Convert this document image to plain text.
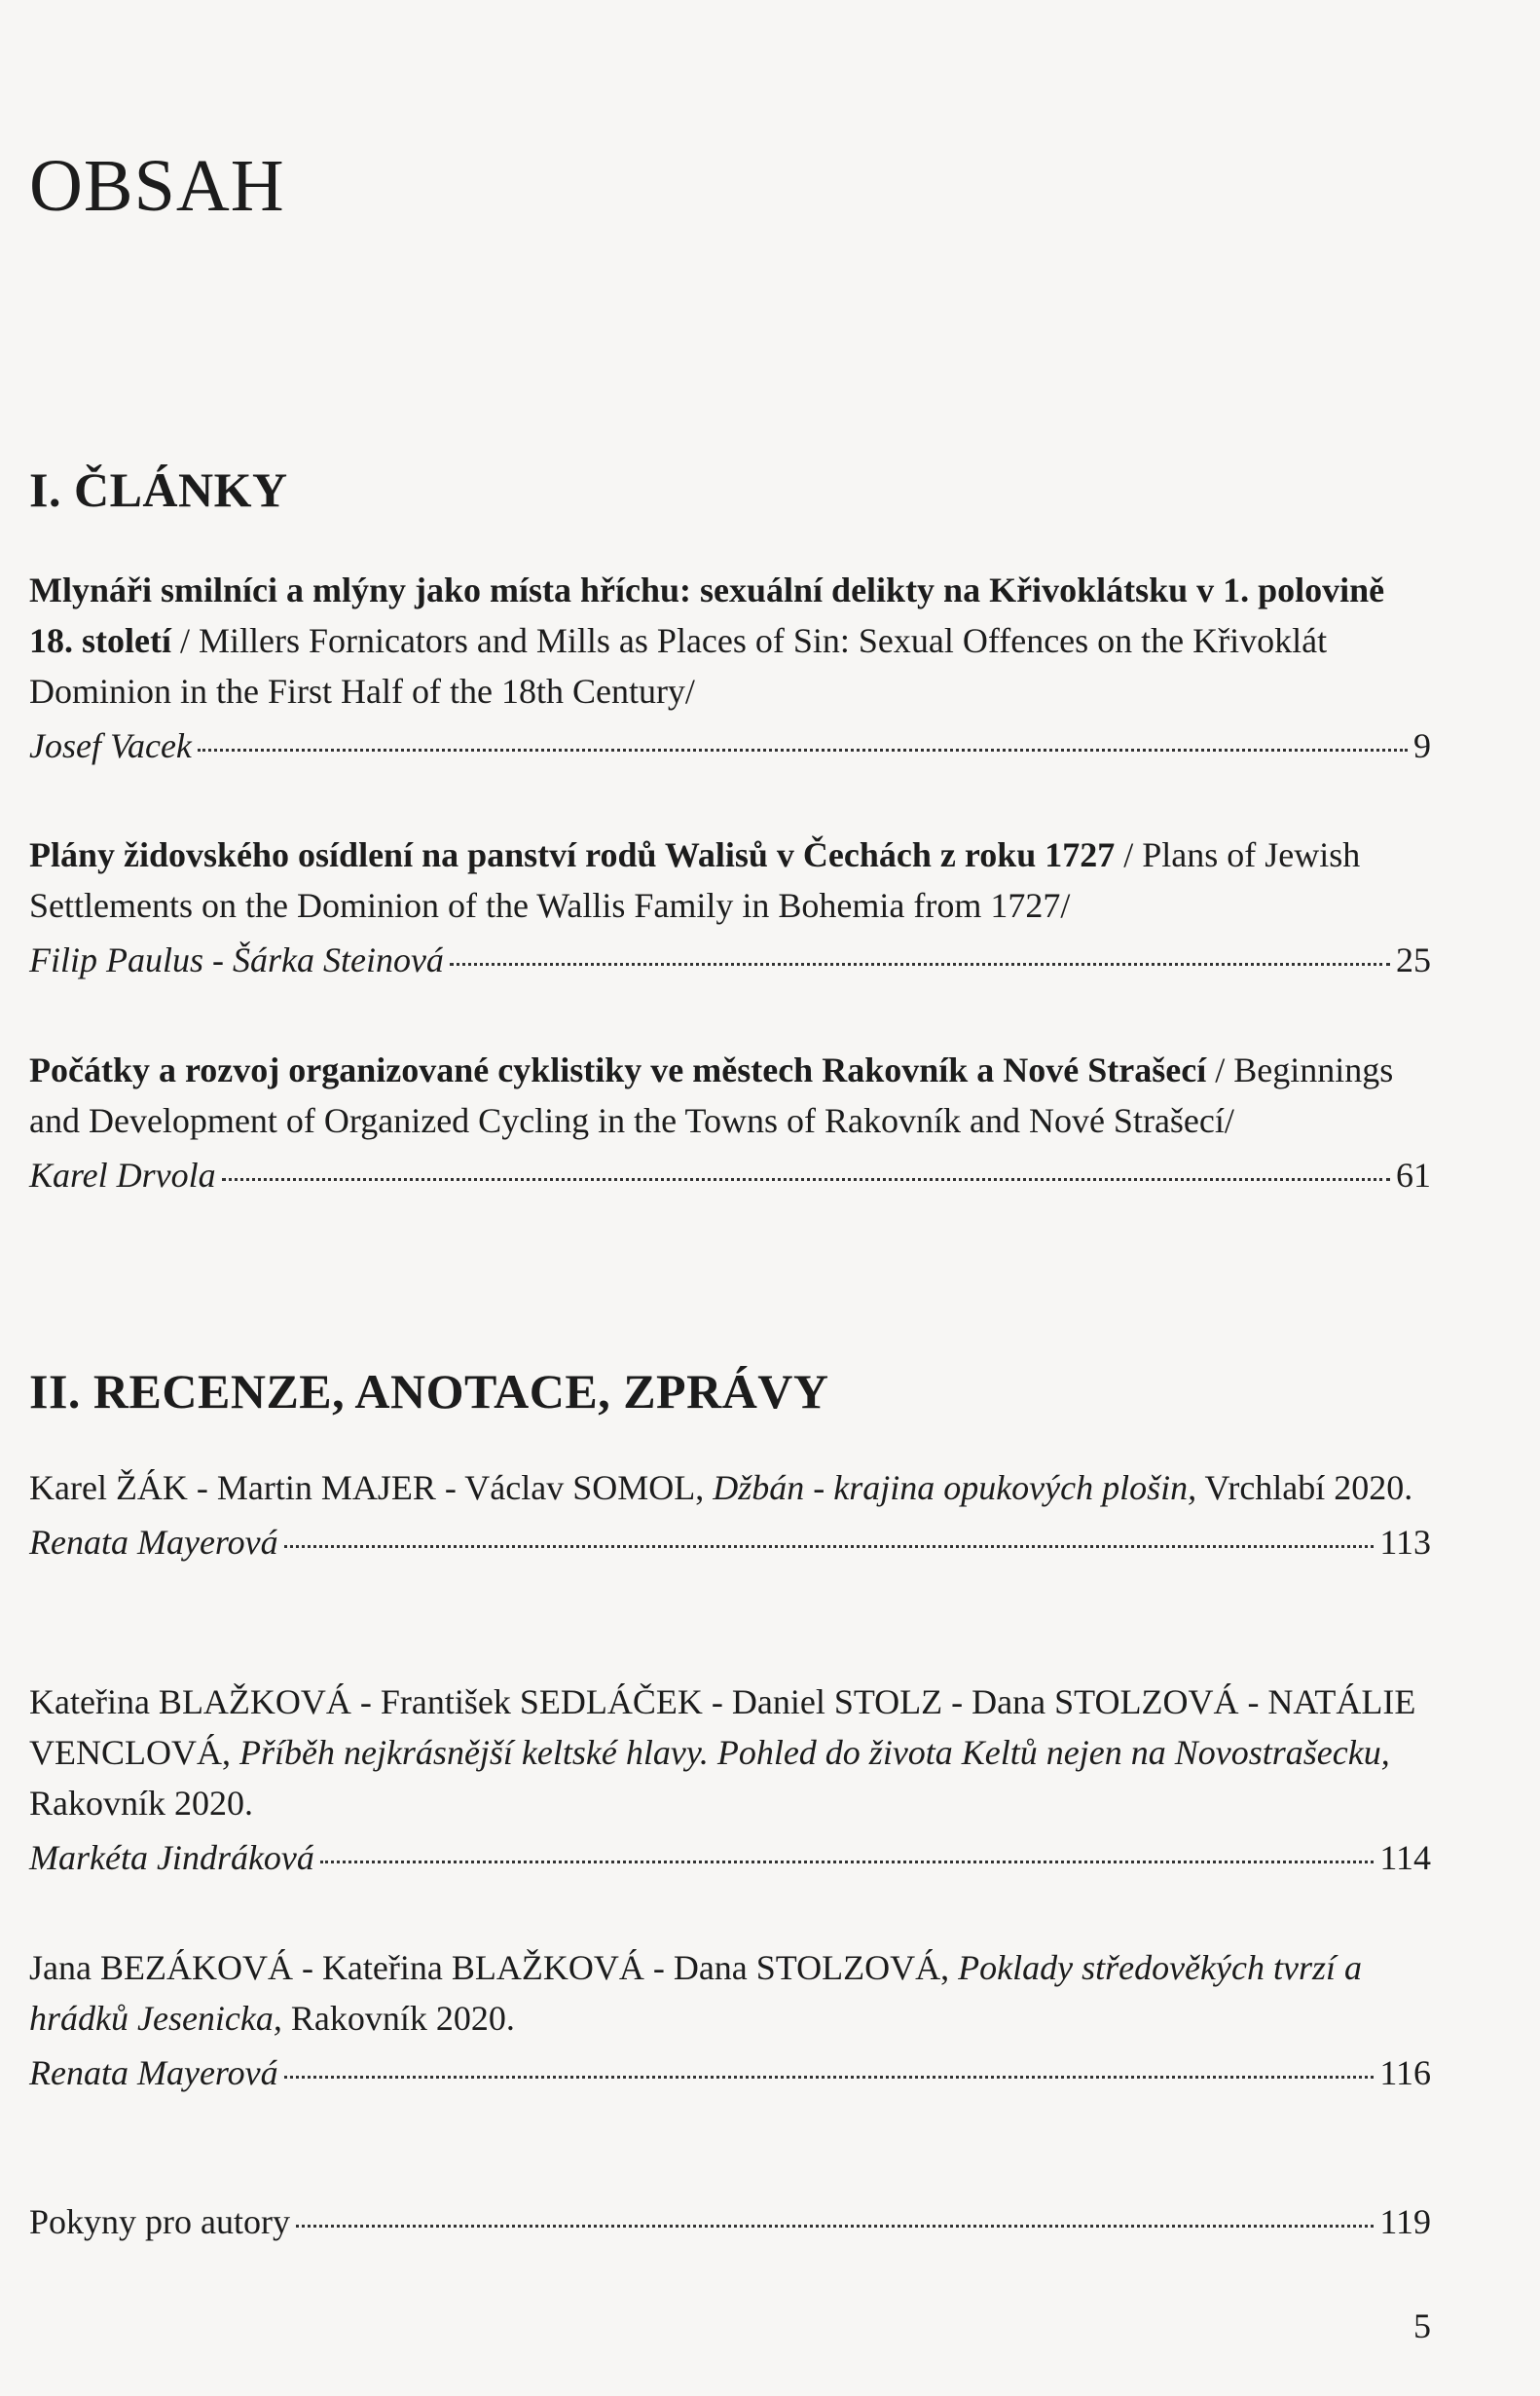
OBSAH
I. ČLÁNKY

Mlynáři smilníci a mlýny jako místa hříchu: sexuální delikty na Křivoklátsku v 1. polovině 18. století / Millers Fornicators and Mills as Places of Sin: Sexual Offences on the Křivoklát Dominion in the First Half of the 18th Century/

Josef Vacek	9

Plány židovského osídlení na panství rodů Walisů v Čechách z roku 1727 / Plans of Jewish Settlements on the Dominion of the Wallis Family in Bohemia from 1727/

Filip Paulus - Šárka Steinová	25

Počátky a rozvoj organizované cyklistiky ve městech Rakovník a Nové Strašecí / Beginnings and Development of Organized Cycling in the Towns of Rakovník and Nové Strašecí/

Karel Drvola	61
II. RECENZE, ANOTACE, ZPRÁVY

Karel ŽÁK - Martin MAJER - Václav SOMOL, Džbán - krajina opukových plošin, Vrchlabí 2020.

Renata Mayerová	113

Kateřina BLAŽKOVÁ - František SEDLÁČEK - Daniel STOLZ - Dana STOLZOVÁ - NATÁLIE VENCLOVÁ, Příběh nejkrásnější keltské hlavy. Pohled do života Keltů nejen na Novostrašecku, Rakovník 2020.

Markéta Jindráková	114

Jana BEZÁKOVÁ - Kateřina BLAŽKOVÁ - Dana STOLZOVÁ, Poklady středověkých tvrzí a hrádků Jesenicka, Rakovník 2020.

Renata Mayerová	116
Pokyny pro autory	119

5
